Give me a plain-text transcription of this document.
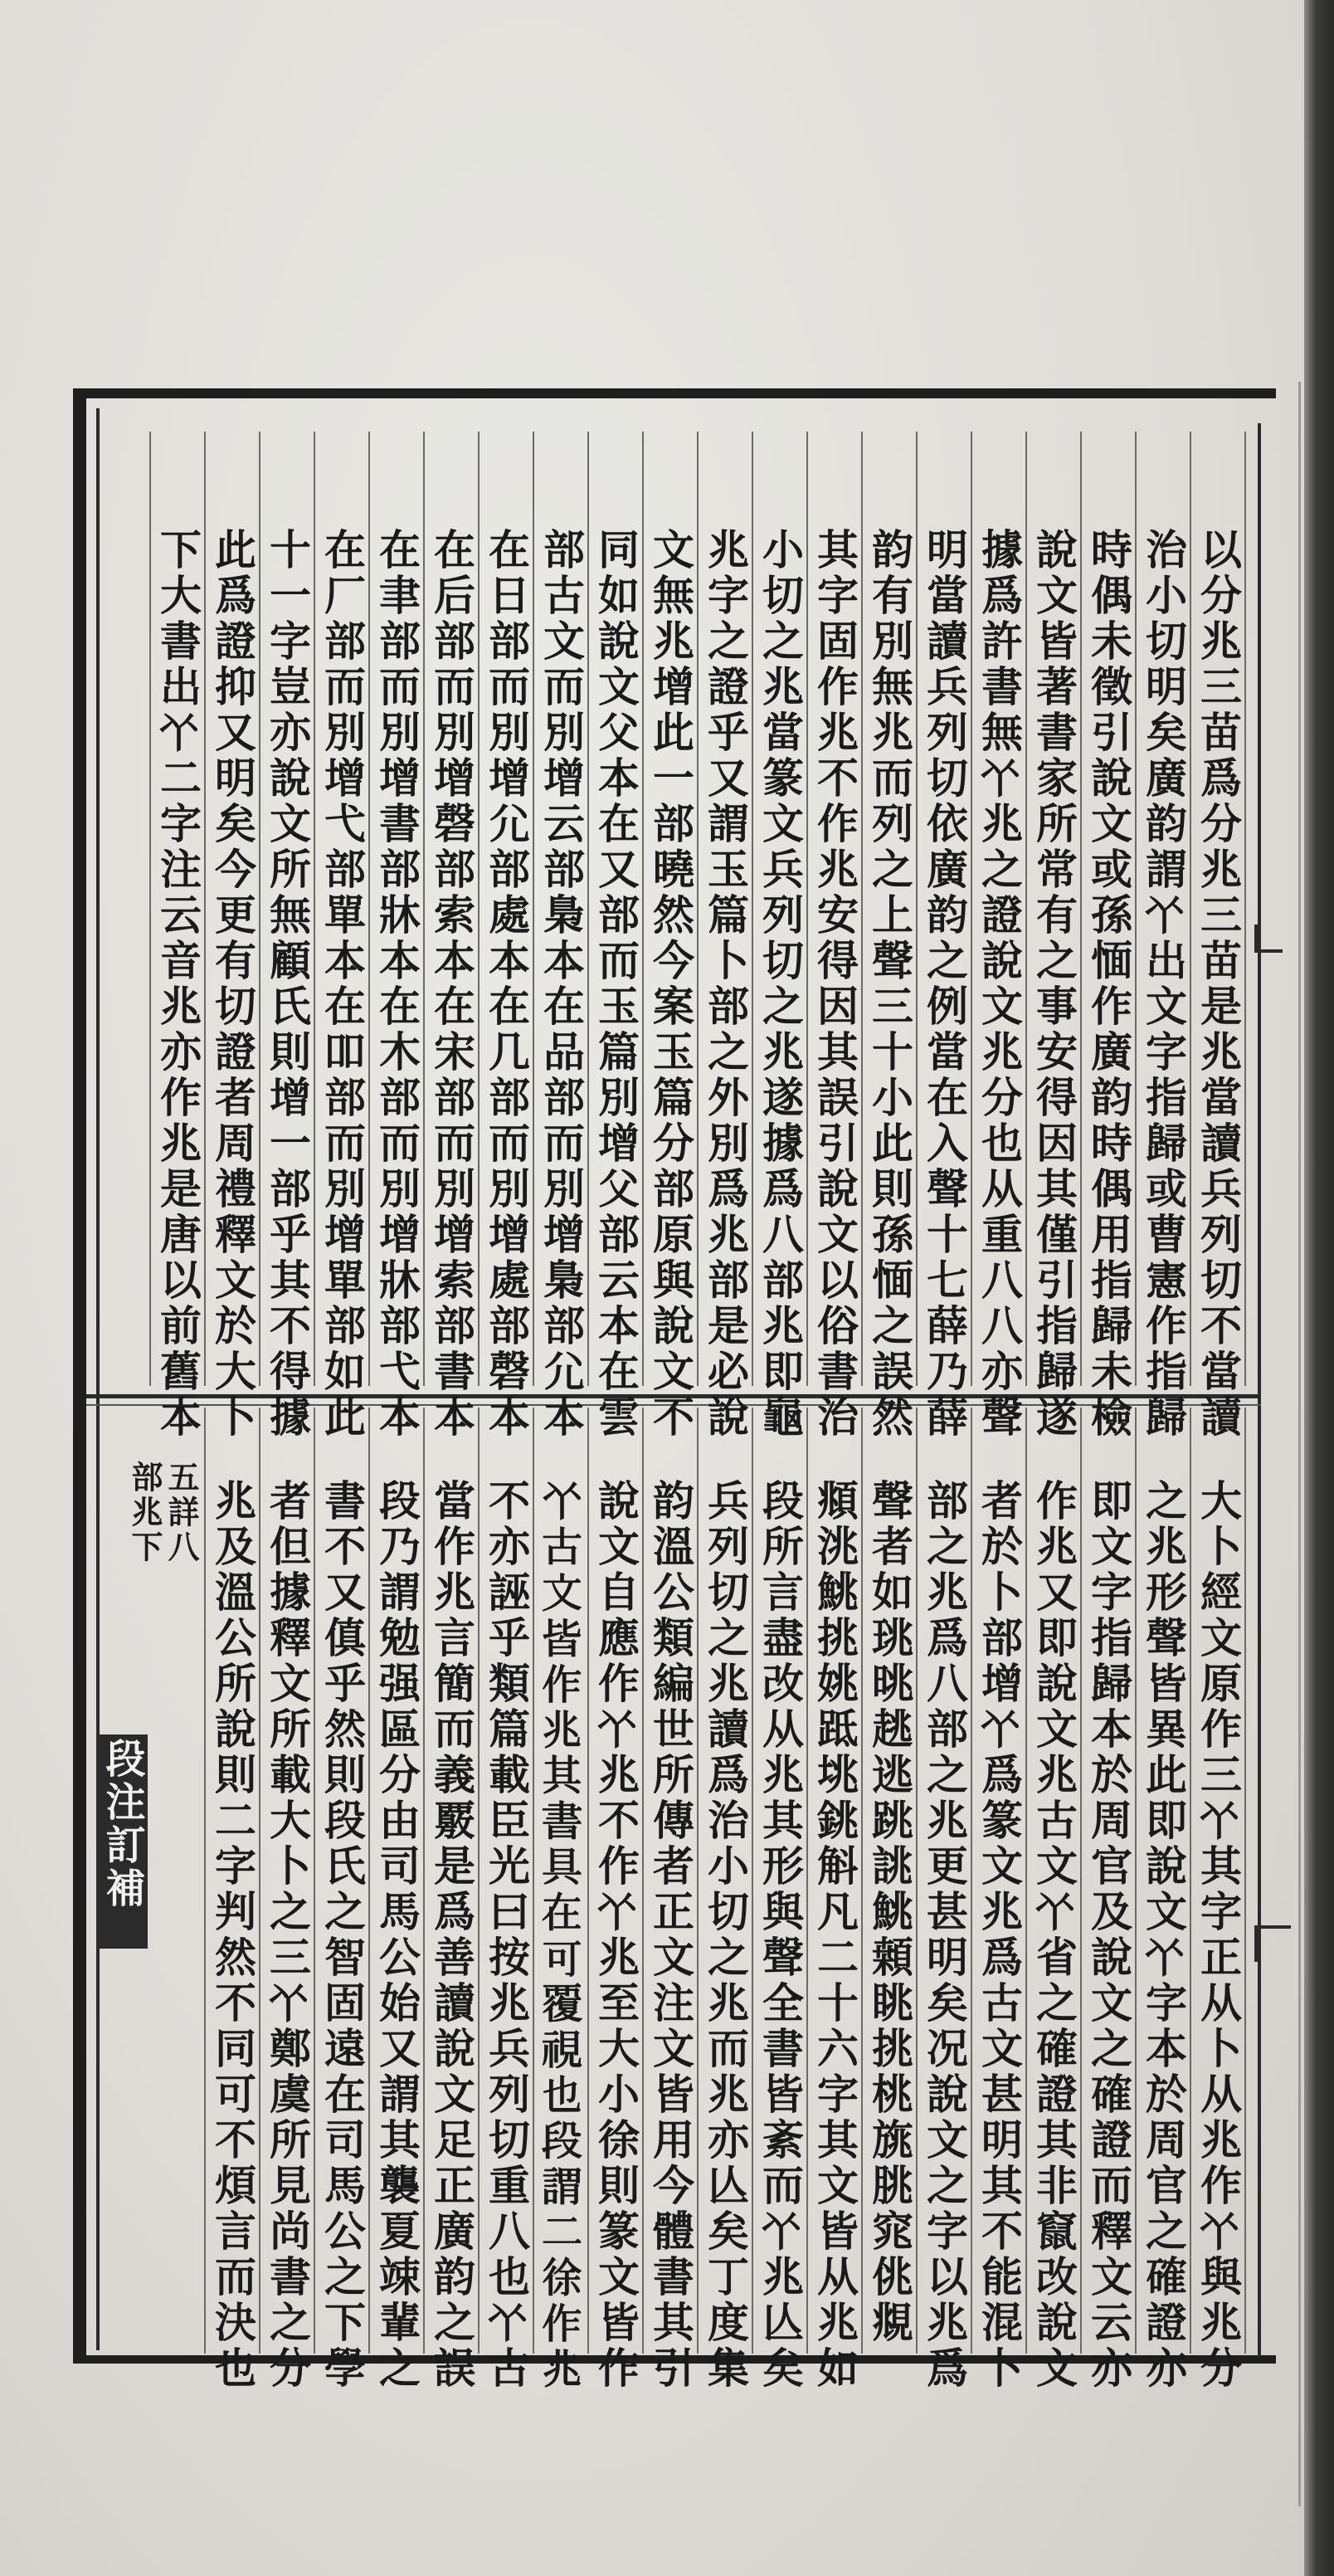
以分兆三苗爲分兆三苗是兆當讀兵列切不當讀
治小切明矣廣韵謂𠁥出文字指歸或曹憲作指歸
時偶未徵引說文或孫愐作廣韵時偶用指歸未檢
說文皆著書家所常有之事安得因其僅引指歸遂
據爲許書無𠁥兆之證說文兆分也从重八八亦聲
明當讀兵列切依廣韵之例當在入聲十七薛乃薛
韵有別無兆而列之上聲三十小此則孫愐之誤然
其字固作兆不作兆安得因其誤引說文以俗書治
小切之兆當篆文兵列切之兆遂據爲八部兆即龜
兆字之證乎又謂玉篇卜部之外別爲兆部是必說
文無兆增此一部曉然今案玉篇分部原與說文不
同如說文父本在又部而玉篇別增父部云本在雲
部古文而別增云部梟本在品部而別增梟部尣本
在日部而別增尣部處本在几部而別增處部磬本
在后部而別增磬部索本在宋部而別增索部書本
在聿部而別增書部牀本在木部而別增牀部弋本
在厂部而別增弋部單本在吅部而別增單部如此
十一字豈亦說文所無顧氏則增一部乎其不得據
此爲證抑又明矣今更有切證者周禮釋文於大卜
下大書出𠁥二字注云音兆亦作兆是唐以前舊本
大卜經文原作三𠁥其字正从卜从兆作𠁥與兆分
之兆形聲皆異此即說文𠁥字本於周官之確證亦
即文字指歸本於周官及說文之確證而釋文云亦
作兆又即說文兆古文𠁥省之確證其非竄改說文
者於卜部增𠁥爲篆文兆爲古文甚明其不能混卜
部之兆爲八部之兆更甚明矣况說文之字以兆爲
聲者如珧晀趒逃跳誂鮡䫙眺挑桃旐朓窕佻覜
頫洮鮡挑姚䟡垗銚斛凡二十六字其文皆从兆如
段所言盡改从兆其形與聲全書皆紊而𠁥兆亾矣
兵列切之兆讀爲治小切之兆而兆亦亾矣丁度集
韵溫公類編世所傳者正文注文皆用今體書其引
說文自應作𠁥兆不作𠁥兆至大小徐則篆文皆作
𠁥古文皆作兆其書具在可覆視也段謂二徐作兆
不亦誣乎類篇載臣光曰按兆兵列切重八也𠁥古
當作兆言簡而義覈是爲善讀說文足正廣韵之誤
段乃謂勉强區分由司馬公始又謂其襲夏竦輩之
書不又傎乎然則段氏之智固遠在司馬公之下學
者但據釋文所載大卜之三𠁥鄭虞所見尚書之分
兆及溫公所說則二字判然不同可不煩言而決也
五詳八
部兆下
段注訂補
